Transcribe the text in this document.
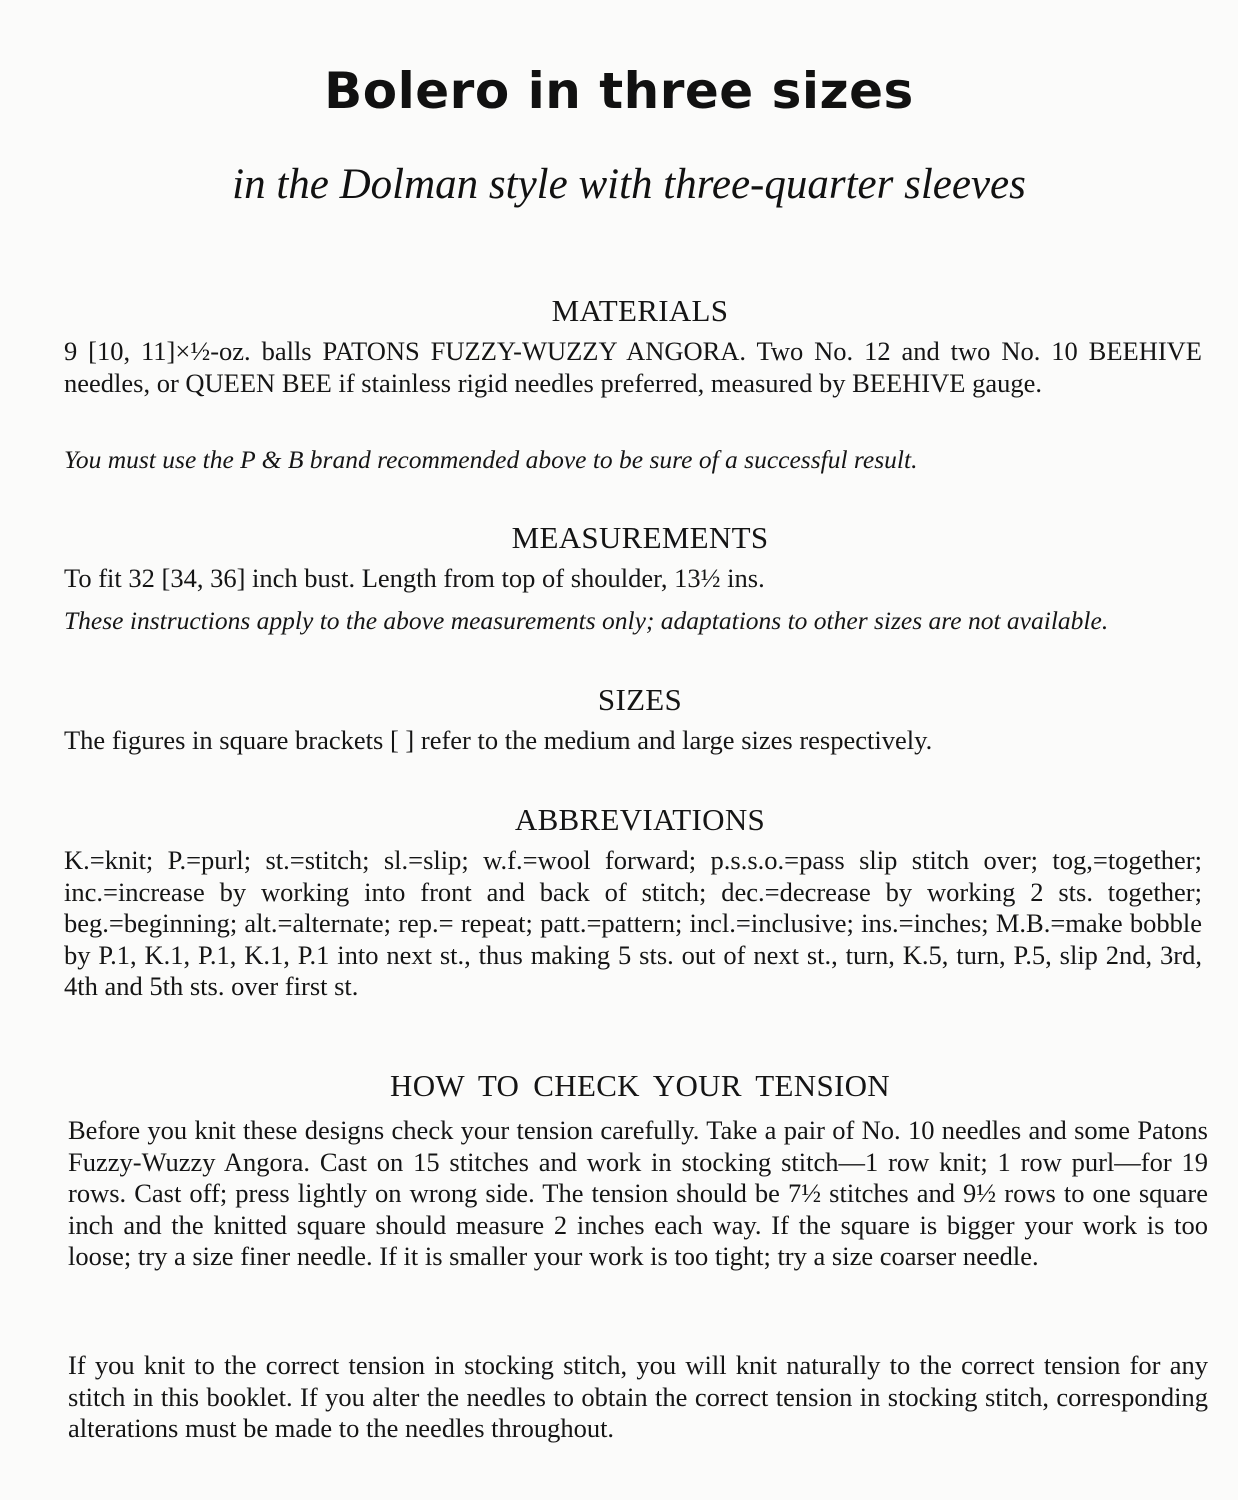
Bolero in three sizes
in the Dolman style with three-quarter sleeves
MATERIALS
9 [10, 11]×½-oz. balls PATONS FUZZY-WUZZY ANGORA. Two No. 12 and two No. 10 BEEHIVE needles, or QUEEN BEE if stainless rigid needles preferred, measured by BEEHIVE gauge.
You must use the P & B brand recommended above to be sure of a successful result.
MEASUREMENTS
To fit 32 [34, 36] inch bust. Length from top of shoulder, 13½ ins.
These instructions apply to the above measurements only; adaptations to other sizes are not available.
SIZES
The figures in square brackets [ ] refer to the medium and large sizes respectively.
ABBREVIATIONS
K.=knit; P.=purl; st.=stitch; sl.=slip; w.f.=wool forward; p.s.s.o.=pass slip stitch over; tog,=together; inc.=increase by working into front and back of stitch; dec.=decrease by working 2 sts. together; beg.=beginning; alt.=alternate; rep.= repeat; patt.=pattern; incl.=inclusive; ins.=inches; M.B.=make bobble by P.1, K.1, P.1, K.1, P.1 into next st., thus making 5 sts. out of next st., turn, K.5, turn, P.5, slip 2nd, 3rd, 4th and 5th sts. over first st.
HOW TO CHECK YOUR TENSION
Before you knit these designs check your tension carefully. Take a pair of No. 10 needles and some Patons Fuzzy-Wuzzy Angora. Cast on 15 stitches and work in stocking stitch—1 row knit; 1 row purl—for 19 rows. Cast off; press lightly on wrong side. The tension should be 7½ stitches and 9½ rows to one square inch and the knitted square should measure 2 inches each way. If the square is bigger your work is too loose; try a size finer needle. If it is smaller your work is too tight; try a size coarser needle.
If you knit to the correct tension in stocking stitch, you will knit naturally to the correct tension for any stitch in this booklet. If you alter the needles to obtain the correct tension in stocking stitch, corresponding alterations must be made to the needles throughout.
